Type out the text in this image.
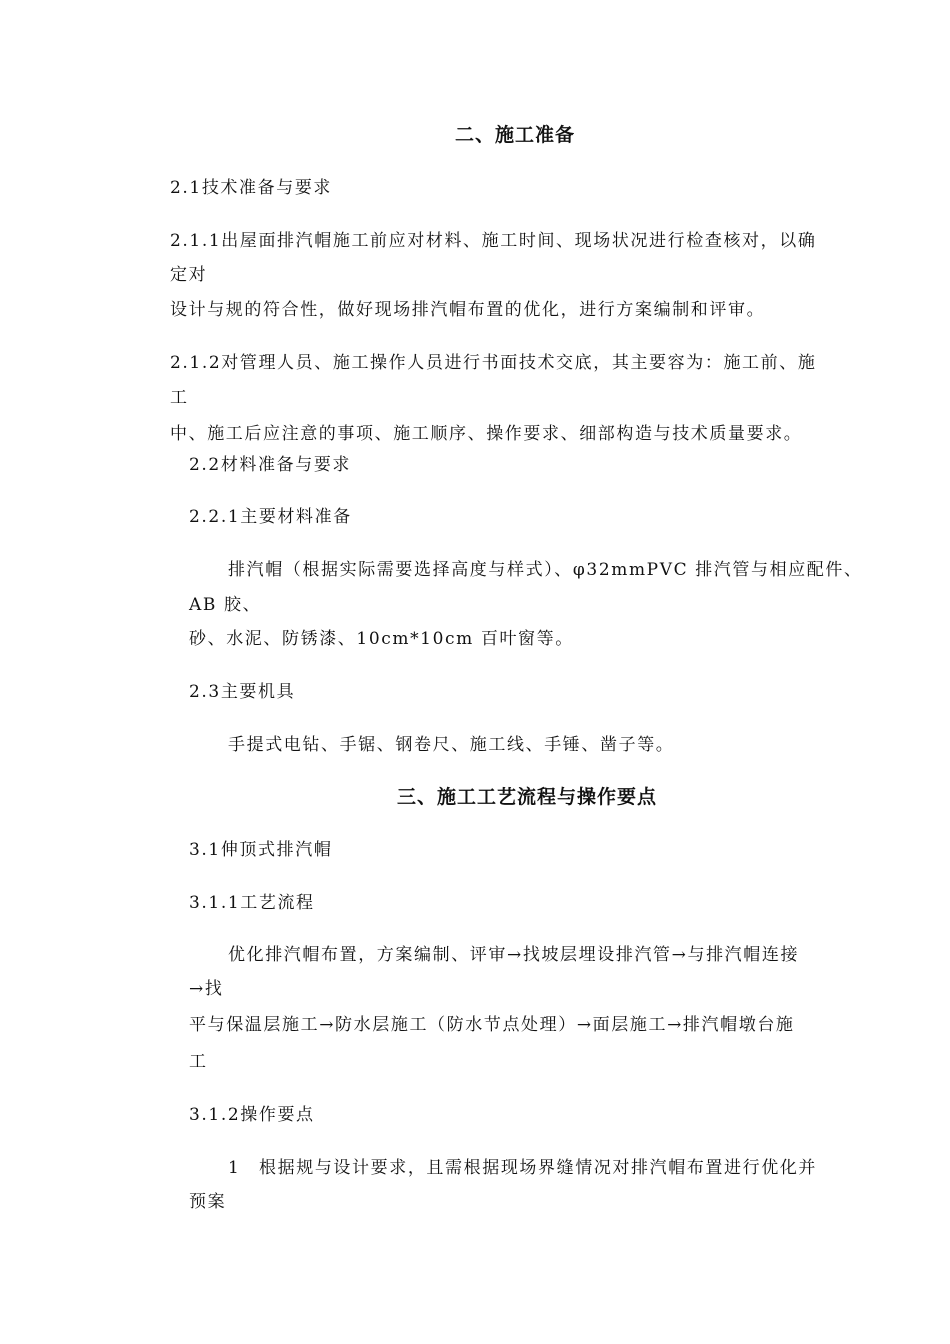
二、施工准备
2.1技术准备与要求
2.1.1出屋面排汽帽施工前应对材料、施工时间、现场状况进行检查核对，以确
定对
设计与规的符合性，做好现场排汽帽布置的优化，进行方案编制和评审。
2.1.2对管理人员、施工操作人员进行书面技术交底，其主要容为：施工前、施
工
中、施工后应注意的事项、施工顺序、操作要求、细部构造与技术质量要求。
2.2材料准备与要求
2.2.1主要材料准备
排汽帽（根据实际需要选择高度与样式）、φ32mmPVC 排汽管与相应配件、
AB 胶、
砂、水泥、防锈漆、10cm*10cm 百叶窗等。
2.3主要机具
手提式电钻、手锯、钢卷尺、施工线、手锤、凿子等。
三、施工工艺流程与操作要点
3.1伸顶式排汽帽
3.1.1工艺流程
优化排汽帽布置，方案编制、评审→找坡层埋设排汽管→与排汽帽连接
→找
平与保温层施工→防水层施工（防水节点处理）→面层施工→排汽帽墩台施
工
3.1.2操作要点
1　根据规与设计要求，且需根据现场界缝情况对排汽帽布置进行优化并
预案
